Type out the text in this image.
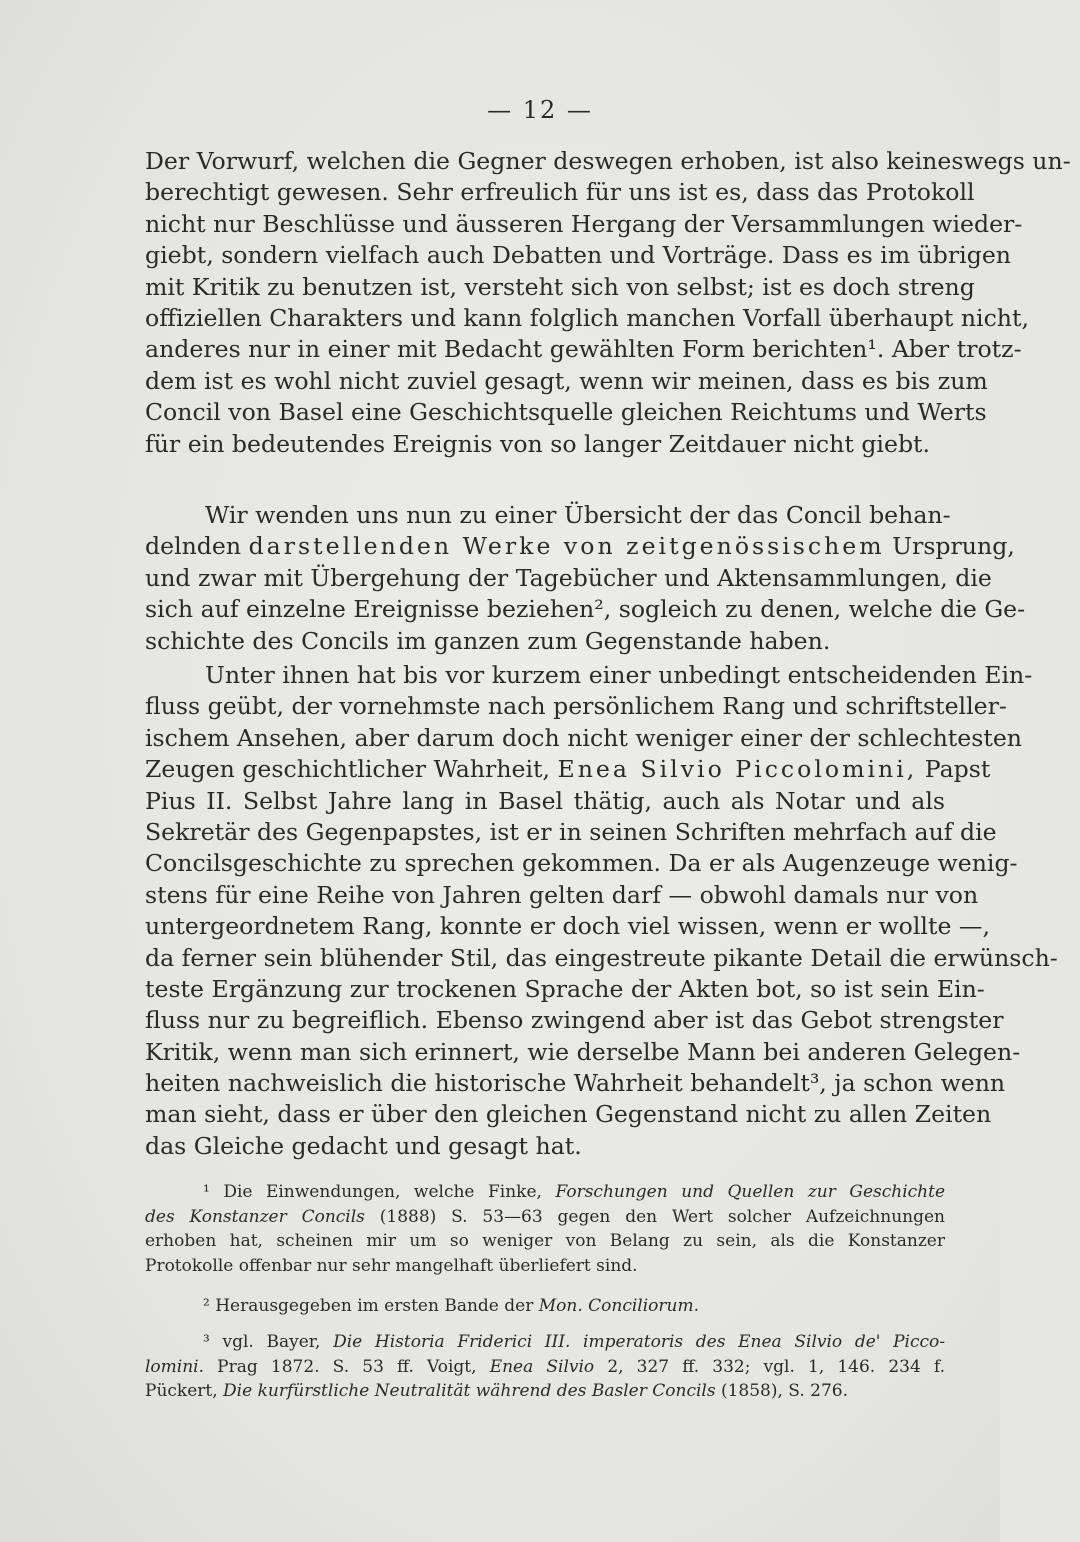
— 12 —
Der Vorwurf, welchen die Gegner deswegen erhoben, ist also keineswegs un-
berechtigt gewesen. Sehr erfreulich für uns ist es, dass das Protokoll
nicht nur Beschlüsse und äusseren Hergang der Versammlungen wieder-
giebt, sondern vielfach auch Debatten und Vorträge. Dass es im übrigen
mit Kritik zu benutzen ist, versteht sich von selbst; ist es doch streng
offiziellen Charakters und kann folglich manchen Vorfall überhaupt nicht,
anderes nur in einer mit Bedacht gewählten Form berichten¹. Aber trotz-
dem ist es wohl nicht zuviel gesagt, wenn wir meinen, dass es bis zum
Concil von Basel eine Geschichtsquelle gleichen Reichtums und Werts
für ein bedeutendes Ereignis von so langer Zeitdauer nicht giebt.
Wir wenden uns nun zu einer Übersicht der das Concil behan-
delnden darstellenden Werke von zeitgenössischem Ursprung,
und zwar mit Übergehung der Tagebücher und Aktensammlungen, die
sich auf einzelne Ereignisse beziehen², sogleich zu denen, welche die Ge-
schichte des Concils im ganzen zum Gegenstande haben.
Unter ihnen hat bis vor kurzem einer unbedingt entscheidenden Ein-
fluss geübt, der vornehmste nach persönlichem Rang und schriftsteller-
ischem Ansehen, aber darum doch nicht weniger einer der schlechtesten
Zeugen geschichtlicher Wahrheit, Enea Silvio Piccolomini, Papst
Pius II. Selbst Jahre lang in Basel thätig, auch als Notar und als
Sekretär des Gegenpapstes, ist er in seinen Schriften mehrfach auf die
Concilsgeschichte zu sprechen gekommen. Da er als Augenzeuge wenig-
stens für eine Reihe von Jahren gelten darf — obwohl damals nur von
untergeordnetem Rang, konnte er doch viel wissen, wenn er wollte —,
da ferner sein blühender Stil, das eingestreute pikante Detail die erwünsch-
teste Ergänzung zur trockenen Sprache der Akten bot, so ist sein Ein-
fluss nur zu begreiflich. Ebenso zwingend aber ist das Gebot strengster
Kritik, wenn man sich erinnert, wie derselbe Mann bei anderen Gelegen-
heiten nachweislich die historische Wahrheit behandelt³, ja schon wenn
man sieht, dass er über den gleichen Gegenstand nicht zu allen Zeiten
das Gleiche gedacht und gesagt hat.
¹ Die Einwendungen, welche Finke, Forschungen und Quellen zur Geschichte
des Konstanzer Concils (1888) S. 53—63 gegen den Wert solcher Aufzeichnungen
erhoben hat, scheinen mir um so weniger von Belang zu sein, als die Konstanzer
Protokolle offenbar nur sehr mangelhaft überliefert sind.
² Herausgegeben im ersten Bande der Mon. Conciliorum.
³ vgl. Bayer, Die Historia Friderici III. imperatoris des Enea Silvio de' Picco-
lomini. Prag 1872. S. 53 ff. Voigt, Enea Silvio 2, 327 ff. 332; vgl. 1, 146. 234 f.
Pückert, Die kurfürstliche Neutralität während des Basler Concils (1858), S. 276.
